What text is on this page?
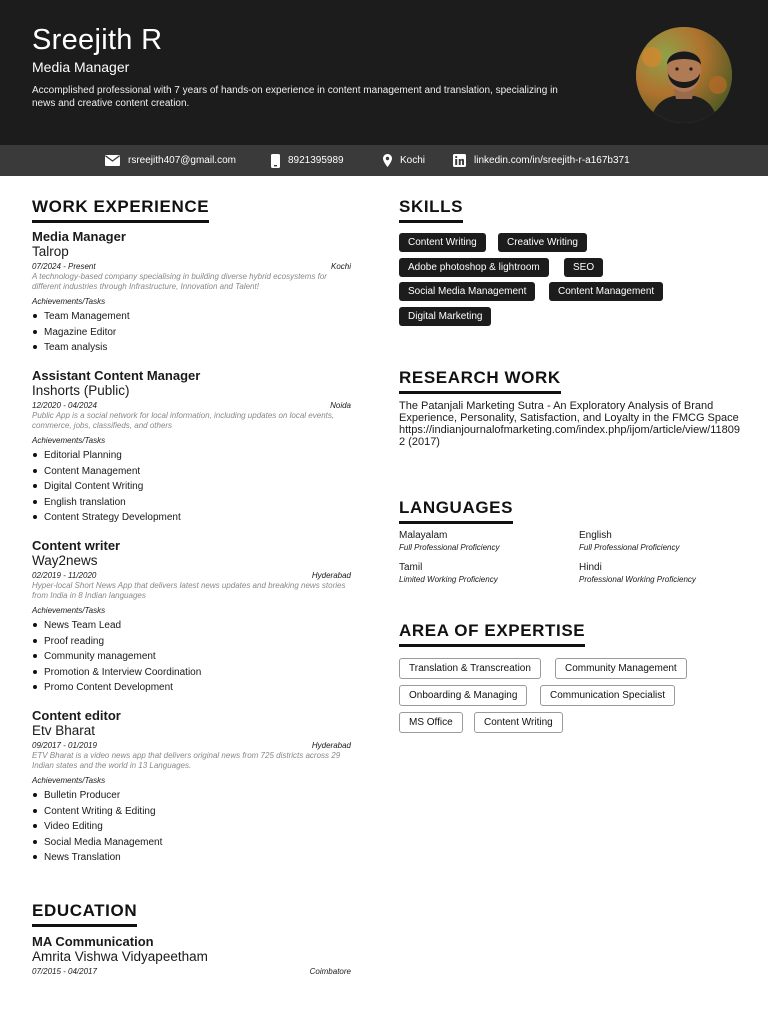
Sreejith R
Media Manager
Accomplished professional with 7 years of hands-on experience in content management and translation, specializing in news and creative content creation.
rsreejith407@gmail.com	8921395989	Kochi	linkedin.com/in/sreejith-r-a167b371
WORK EXPERIENCE
Media Manager
Talrop
07/2024 - Present	Kochi
A technology-based company specialising in building diverse hybrid ecosystems for different industries through Infrastructure, Innovation and Talent!
Achievements/Tasks
Team Management
Magazine Editor
Team analysis
Assistant Content Manager
Inshorts (Public)
12/2020 - 04/2024	Noida
Public App is a social network for local information, including updates on local events, commerce, jobs, classifieds, and others
Achievements/Tasks
Editorial Planning
Content Management
Digital Content Writing
English translation
Content Strategy Development
Content writer
Way2news
02/2019 - 11/2020	Hyderabad
Hyper-local Short News App that delivers latest news updates and breaking news stories from India in 8 Indian languages
Achievements/Tasks
News Team Lead
Proof reading
Community management
Promotion & Interview Coordination
Promo Content Development
Content editor
Etv Bharat
09/2017 - 01/2019	Hyderabad
ETV Bharat is a video news app that delivers original news from 725 districts across 29 Indian states and the world in 13 Languages.
Achievements/Tasks
Bulletin Producer
Content Writing & Editing
Video Editing
Social Media Management
News Translation
EDUCATION
MA Communication
Amrita Vishwa Vidyapeetham
07/2015 - 04/2017	Coimbatore
SKILLS
Content Writing	Creative Writing
Adobe photoshop & lightroom	SEO
Social Media Management	Content Management
Digital Marketing
RESEARCH WORK
The Patanjali Marketing Sutra - An Exploratory Analysis of Brand Experience, Personality, Satisfaction, and Loyalty in the FMCG Space
https://indianjournalofmarketing.com/index.php/ijom/article/view/118092 (2017)
LANGUAGES
Malayalam
Full Professional Proficiency
English
Full Professional Proficiency
Tamil
Limited Working Proficiency
Hindi
Professional Working Proficiency
AREA OF EXPERTISE
Translation & Transcreation	Community Management
Onboarding & Managing	Communication Specialist
MS Office	Content Writing
